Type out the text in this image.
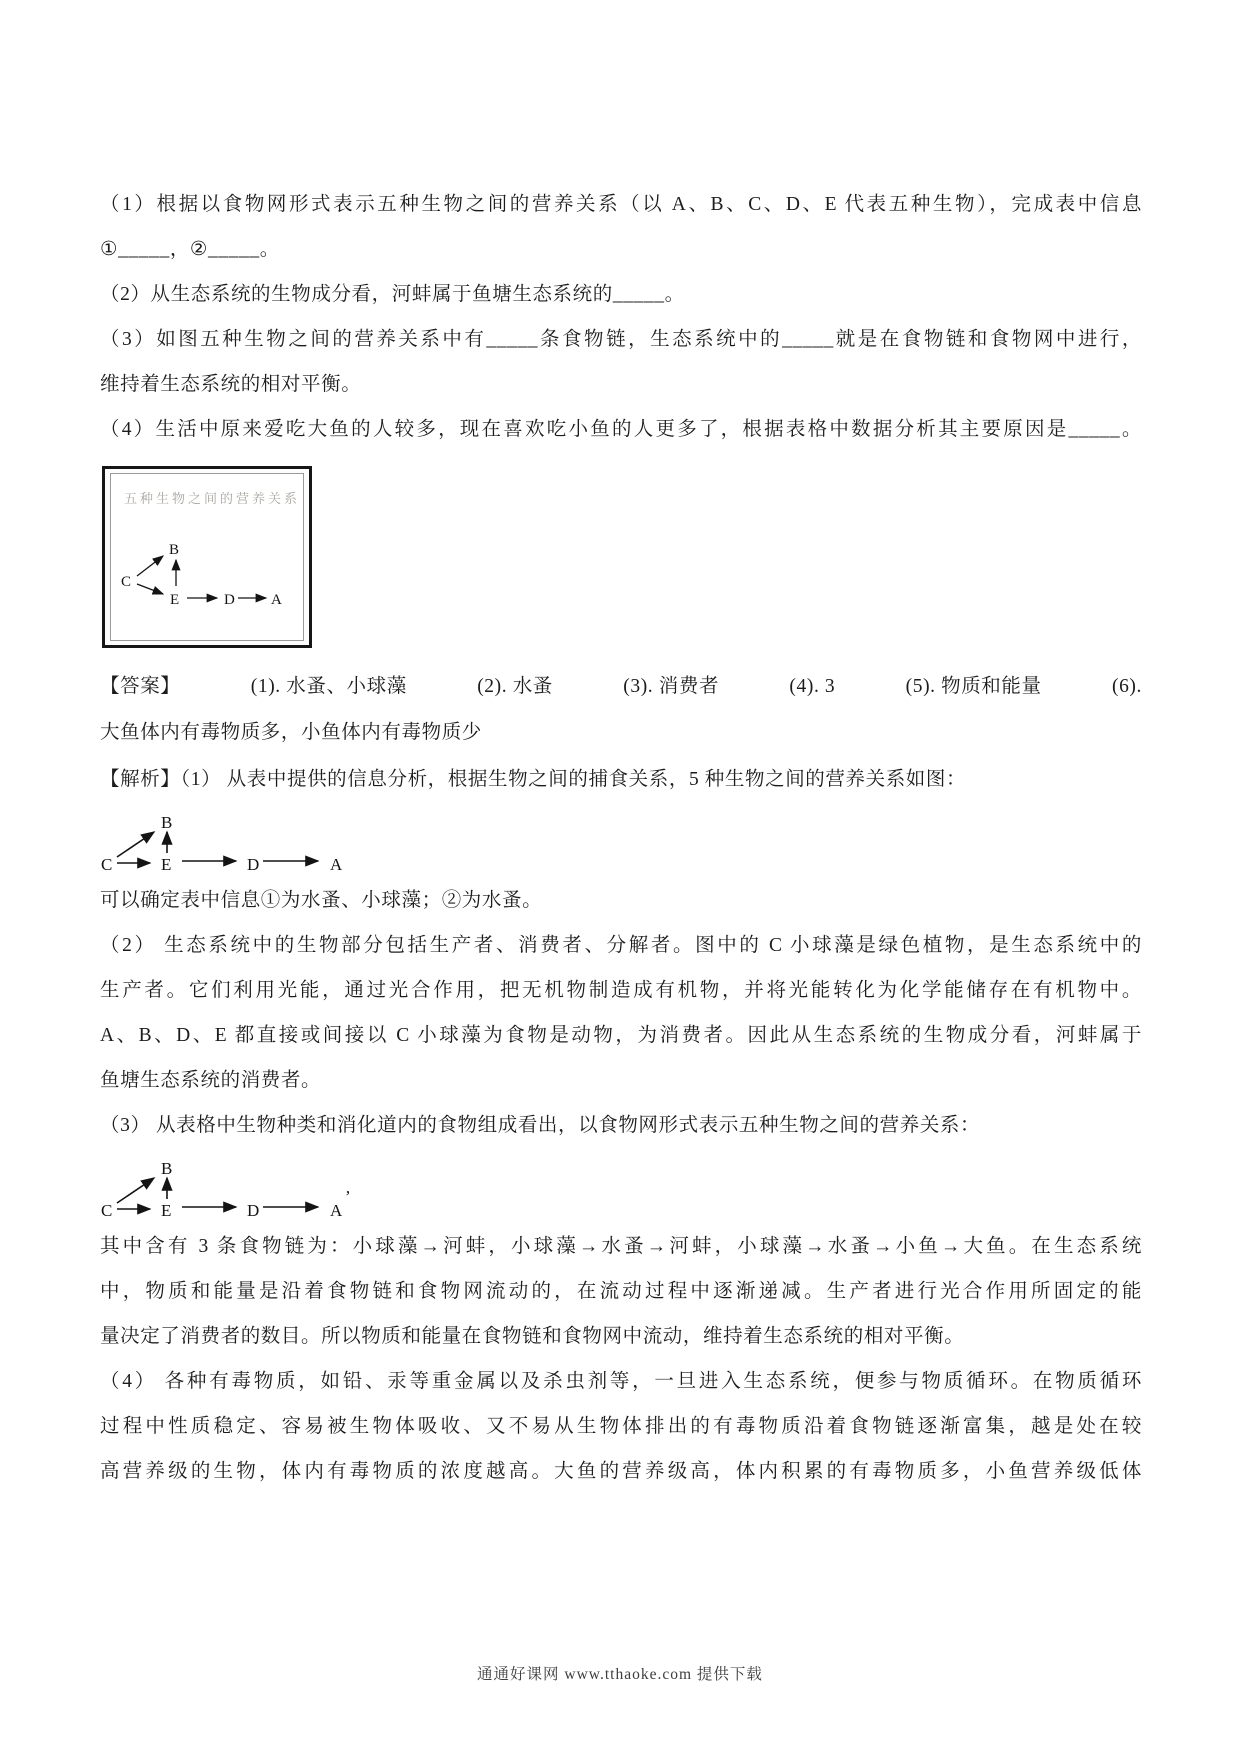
（1）根据以食物网形式表示五种生物之间的营养关系（以 A、B、C、D、E 代表五种生物），完成表中信息
①_____，②_____。
（2）从生态系统的生物成分看，河蚌属于鱼塘生态系统的_____。
（3）如图五种生物之间的营养关系中有_____条食物链，生态系统中的_____就是在食物链和食物网中进行，
维持着生态系统的相对平衡。
（4）生活中原来爱吃大鱼的人较多，现在喜欢吃小鱼的人更多了，根据表格中数据分析其主要原因是_____。
五种生物之间的营养关系
B
C
E	D A
【答案】	(1). 水蚤、小球藻	(2). 水蚤	(3). 消费者	(4). 3	(5). 物质和能量	(6).
大鱼体内有毒物质多，小鱼体内有毒物质少
【解析】（1） 从表中提供的信息分析，根据生物之间的捕食关系，5 种生物之间的营养关系如图：
B
C	E	D	A
可以确定表中信息①为水蚤、小球藻；②为水蚤。
（2） 生态系统中的生物部分包括生产者、消费者、分解者。图中的 C 小球藻是绿色植物，是生态系统中的
生产者。它们利用光能，通过光合作用，把无机物制造成有机物，并将光能转化为化学能储存在有机物中。
A、B、D、E 都直接或间接以 C 小球藻为食物是动物，为消费者。因此从生态系统的生物成分看，河蚌属于
鱼塘生态系统的消费者。
（3） 从表格中生物种类和消化道内的食物组成看出，以食物网形式表示五种生物之间的营养关系：
B
C	E	D	A
’
其中含有 3 条食物链为：小球藻→河蚌，小球藻→水蚤→河蚌，小球藻→水蚤→小鱼→大鱼。在生态系统
中，物质和能量是沿着食物链和食物网流动的，在流动过程中逐渐递减。生产者进行光合作用所固定的能
量决定了消费者的数目。所以物质和能量在食物链和食物网中流动，维持着生态系统的相对平衡。
（4） 各种有毒物质，如铅、汞等重金属以及杀虫剂等，一旦进入生态系统，便参与物质循环。在物质循环
过程中性质稳定、容易被生物体吸收、又不易从生物体排出的有毒物质沿着食物链逐渐富集，越是处在较
高营养级的生物，体内有毒物质的浓度越高。大鱼的营养级高，体内积累的有毒物质多，小鱼营养级低体
通通好课网 www.tthaoke.com 提供下载
